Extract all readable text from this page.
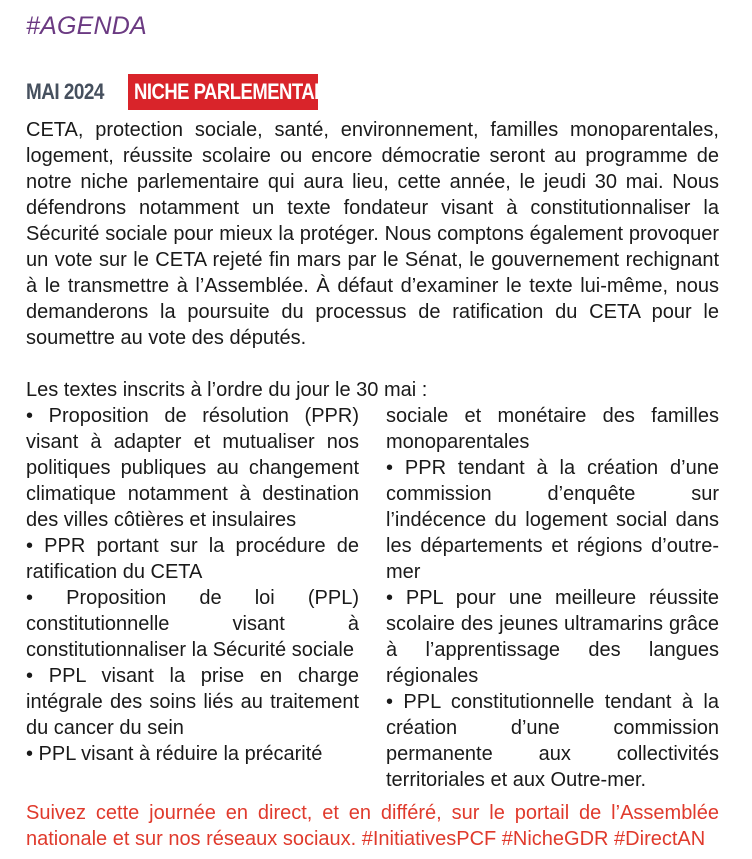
#AGENDA
MAI 2024 NICHE PARLEMENTAIRE

CETA, protection sociale, santé, environnement, familles monoparentales, logement, réussite scolaire ou encore démocratie seront au programme de notre niche parlementaire qui aura lieu, cette année, le jeudi 30 mai. Nous défendrons notamment un texte fondateur visant à constitutionnaliser la Sécurité sociale pour mieux la protéger. Nous comptons également provoquer un vote sur le CETA rejeté fin mars par le Sénat, le gouvernement rechignant à le transmettre à l’Assemblée. À défaut d’examiner le texte lui-même, nous demanderons la poursuite du processus de ratification du CETA pour le soumettre au vote des députés.

Les textes inscrits à l’ordre du jour le 30 mai :

• Proposition de résolution (PPR) visant à adapter et mutualiser nos politiques publiques au changement climatique notamment à destination des villes côtières et insulaires

• PPR portant sur la procédure de ratification du CETA

• Proposition de loi (PPL) constitutionnelle visant à constitutionnaliser la Sécurité sociale

• PPL visant la prise en charge intégrale des soins liés au traitement du cancer du sein

• PPL visant à réduire la précarité

sociale et monétaire des familles monoparentales

• PPR tendant à la création d’une commission d’enquête sur l’indécence du logement social dans les départements et régions d’outre-mer

• PPL pour une meilleure réussite scolaire des jeunes ultramarins grâce à l’apprentissage des langues régionales

• PPL constitutionnelle tendant à la création d’une commission permanente aux collectivités territoriales et aux Outre-mer.

Suivez cette journée en direct, et en différé, sur le portail de l’Assemblée nationale et sur nos réseaux sociaux. #InitiativesPCF #NicheGDR #DirectAN
